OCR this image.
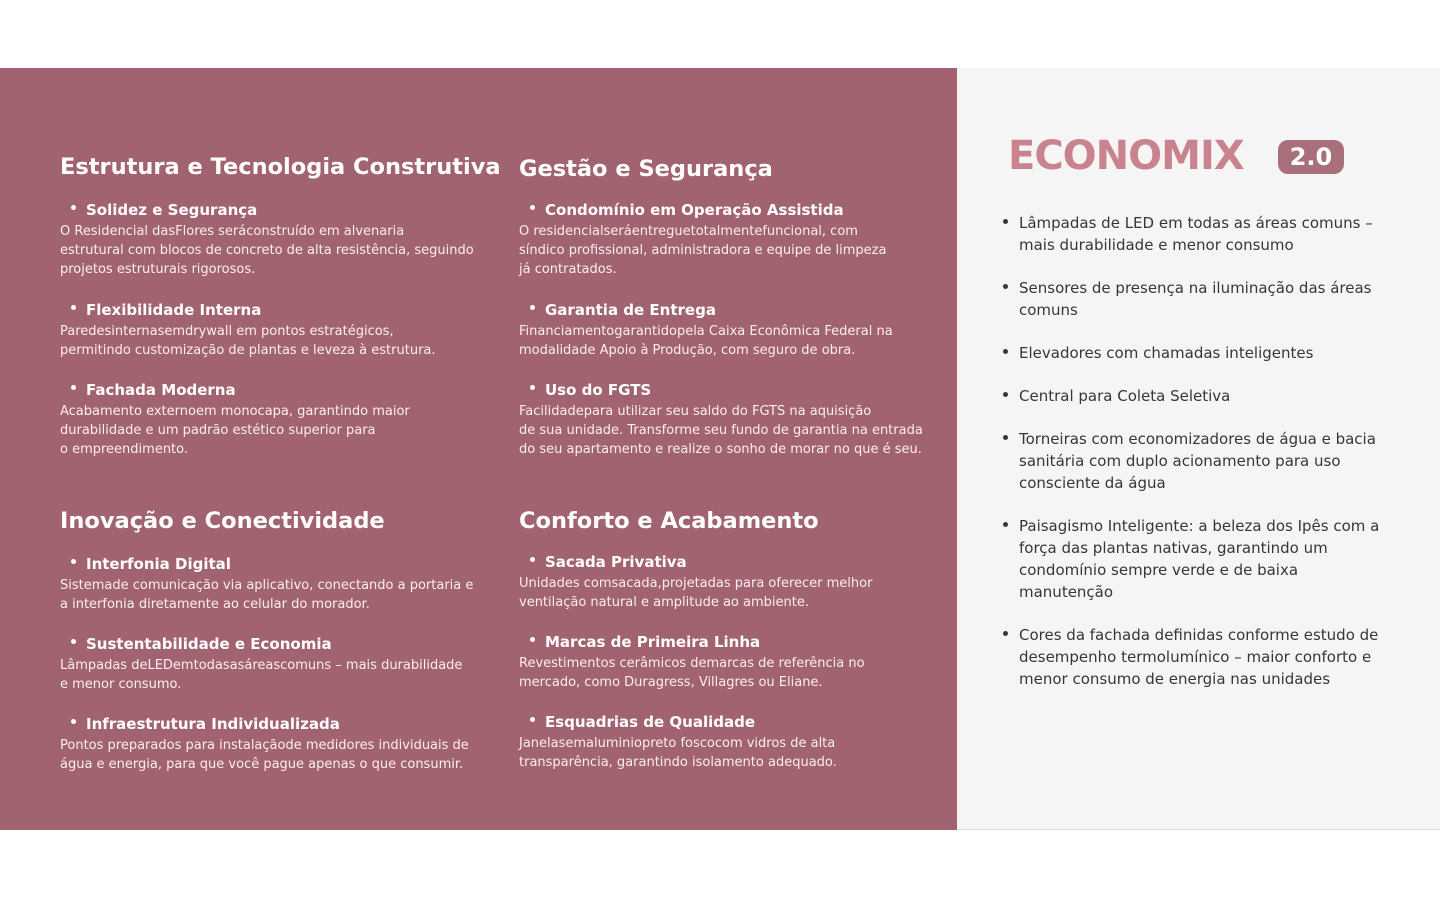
Estrutura e Tecnologia Construtiva

Solidez e Segurança

O Residencial dasFlores seráconstruído em alvenaria
estrutural com blocos de concreto de alta resistência, seguindo
projetos estruturais rigorosos.

Flexibilidade Interna

Paredesinternasemdrywall em pontos estratégicos,
permitindo customização de plantas e leveza à estrutura.

Fachada Moderna

Acabamento externoem monocapa, garantindo maior
durabilidade e um padrão estético superior para
o empreendimento.

Gestão e Segurança

Condomínio em Operação Assistida

O residencialseráentreguetotalmentefuncional, com
síndico profissional, administradora e equipe de limpeza
já contratados.

Garantia de Entrega

Financiamentogarantidopela Caixa Econômica Federal na
modalidade Apoio à Produção, com seguro de obra.

Uso do FGTS

Facilidadepara utilizar seu saldo do FGTS na aquisição
de sua unidade. Transforme seu fundo de garantia na entrada
do seu apartamento e realize o sonho de morar no que é seu.

Inovação e Conectividade

Interfonia Digital

Sistemade comunicação via aplicativo, conectando a portaria e
a interfonia diretamente ao celular do morador.

Sustentabilidade e Economia

Lâmpadas deLEDemtodasasáreascomuns – mais durabilidade
e menor consumo.

Infraestrutura Individualizada

Pontos preparados para instalaçãode medidores individuais de
água e energia, para que você pague apenas o que consumir.

Conforto e Acabamento

Sacada Privativa

Unidades comsacada,projetadas para oferecer melhor
ventilação natural e amplitude ao ambiente.

Marcas de Primeira Linha

Revestimentos cerâmicos demarcas de referência no
mercado, como Duragress, Villagres ou Eliane.

Esquadrias de Qualidade

Janelasemaluminiopreto foscocom vidros de alta
transparência, garantindo isolamento adequado.

ECONOMIX	2.0
Lâmpadas de LED em todas as áreas comuns – mais durabilidade e menor consumo
Sensores de presença na iluminação das áreas comuns
Elevadores com chamadas inteligentes
Central para Coleta Seletiva
Torneiras com economizadores de água e bacia sanitária com duplo acionamento para uso consciente da água
Paisagismo Inteligente: a beleza dos Ipês com a força das plantas nativas, garantindo um condomínio sempre verde e de baixa manutenção
Cores da fachada definidas conforme estudo de desempenho termolumínico – maior conforto e menor consumo de energia nas unidades
